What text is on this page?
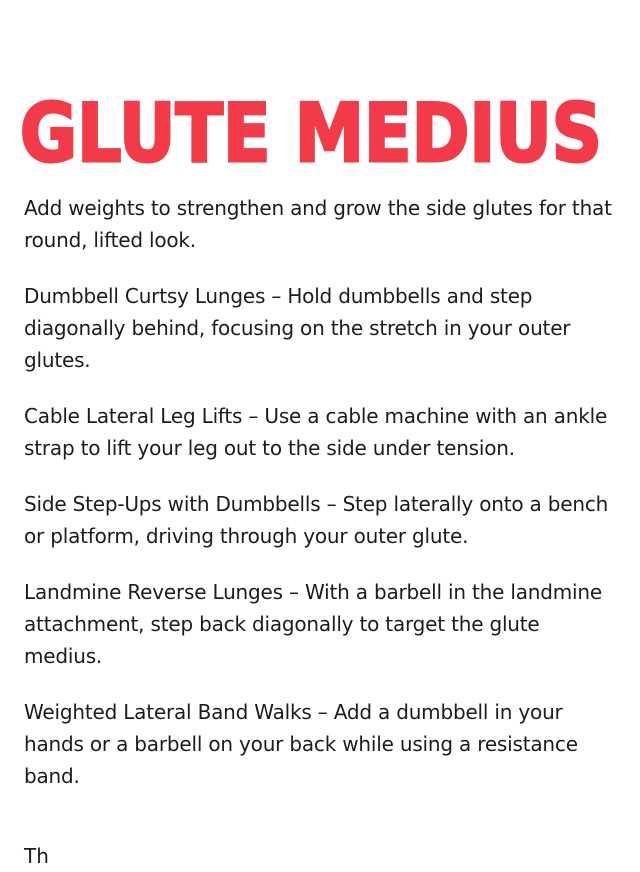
GLUTE MEDIUS

Add weights to strengthen and grow the side glutes for that round, lifted look.

Dumbbell Curtsy Lunges – Hold dumbbells and step diagonally behind, focusing on the stretch in your outer glutes.

Cable Lateral Leg Lifts – Use a cable machine with an ankle strap to lift your leg out to the side under tension.

Side Step-Ups with Dumbbells – Step laterally onto a bench or platform, driving through your outer glute.

Landmine Reverse Lunges – With a barbell in the landmine attachment, step back diagonally to target the glute medius.

Weighted Lateral Band Walks – Add a dumbbell in your hands or a barbell on your back while using a resistance band.

Th
